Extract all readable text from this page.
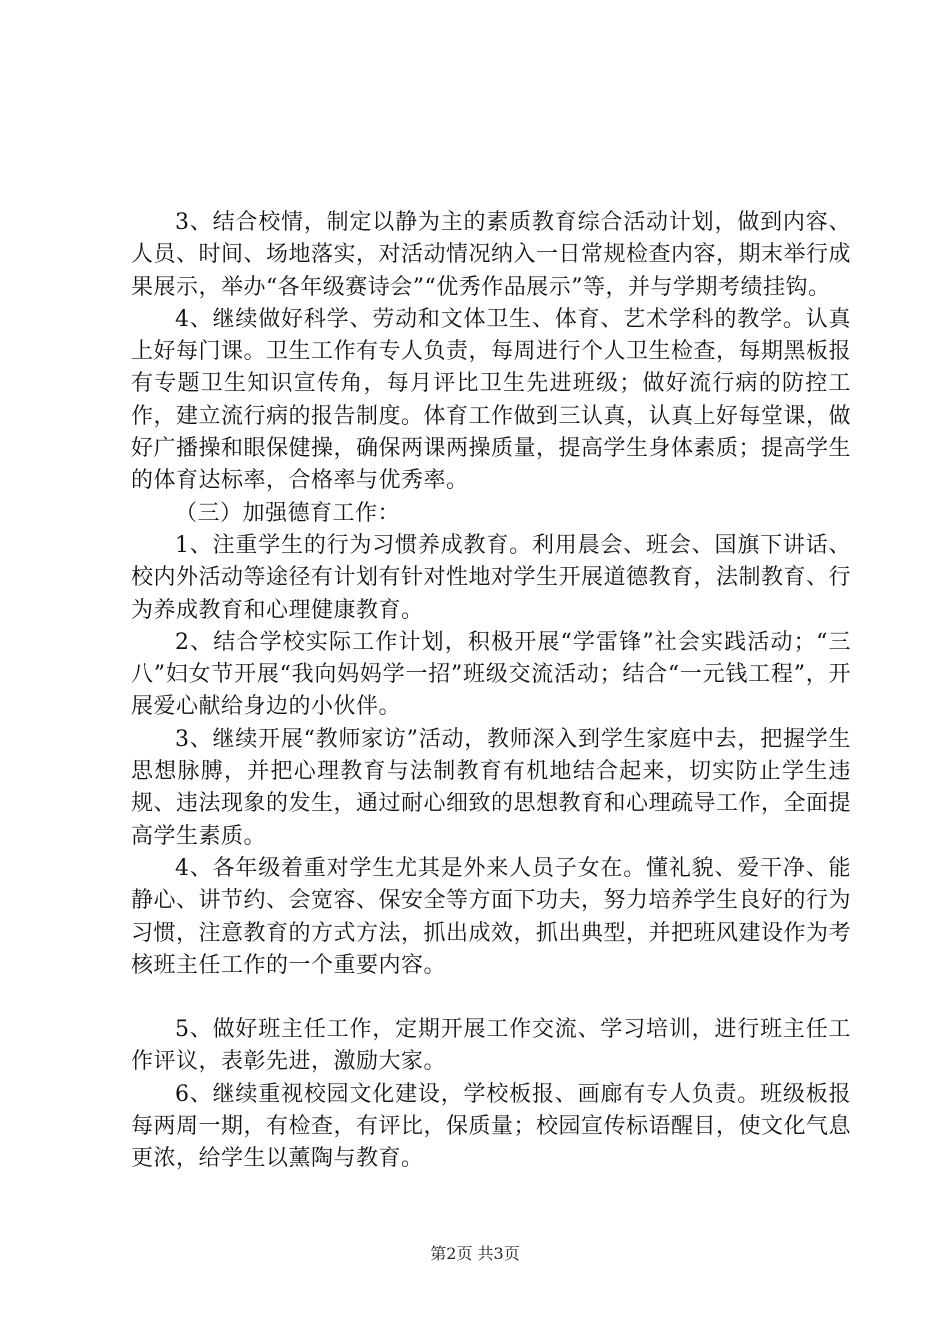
3、结合校情，制定以静为主的素质教育综合活动计划，做到内容、人员、时间、场地落实，对活动情况纳入一日常规检查内容，期末举行成果展示，举办“各年级赛诗会”“优秀作品展示”等，并与学期考绩挂钩。

4、继续做好科学、劳动和文体卫生、体育、艺术学科的教学。认真上好每门课。卫生工作有专人负责，每周进行个人卫生检查，每期黑板报有专题卫生知识宣传角，每月评比卫生先进班级；做好流行病的防控工作，建立流行病的报告制度。体育工作做到三认真，认真上好每堂课，做好广播操和眼保健操，确保两课两操质量，提高学生身体素质；提高学生的体育达标率，合格率与优秀率。

（三）加强德育工作：

1、注重学生的行为习惯养成教育。利用晨会、班会、国旗下讲话、校内外活动等途径有计划有针对性地对学生开展道德教育，法制教育、行为养成教育和心理健康教育。

2、结合学校实际工作计划，积极开展“学雷锋”社会实践活动；“三八”妇女节开展“我向妈妈学一招”班级交流活动；结合“一元钱工程”，开展爱心献给身边的小伙伴。

3、继续开展“教师家访”活动，教师深入到学生家庭中去，把握学生思想脉膊，并把心理教育与法制教育有机地结合起来，切实防止学生违规、违法现象的发生，通过耐心细致的思想教育和心理疏导工作，全面提高学生素质。

4、各年级着重对学生尤其是外来人员子女在。懂礼貌、爱干净、能静心、讲节约、会宽容、保安全等方面下功夫，努力培养学生良好的行为习惯，注意教育的方式方法，抓出成效，抓出典型，并把班风建设作为考核班主任工作的一个重要内容。

5、做好班主任工作，定期开展工作交流、学习培训，进行班主任工作评议，表彰先进，激励大家。

6、继续重视校园文化建设，学校板报、画廊有专人负责。班级板报每两周一期，有检查，有评比，保质量；校园宣传标语醒目，使文化气息更浓，给学生以薰陶与教育。

第2页 共3页
